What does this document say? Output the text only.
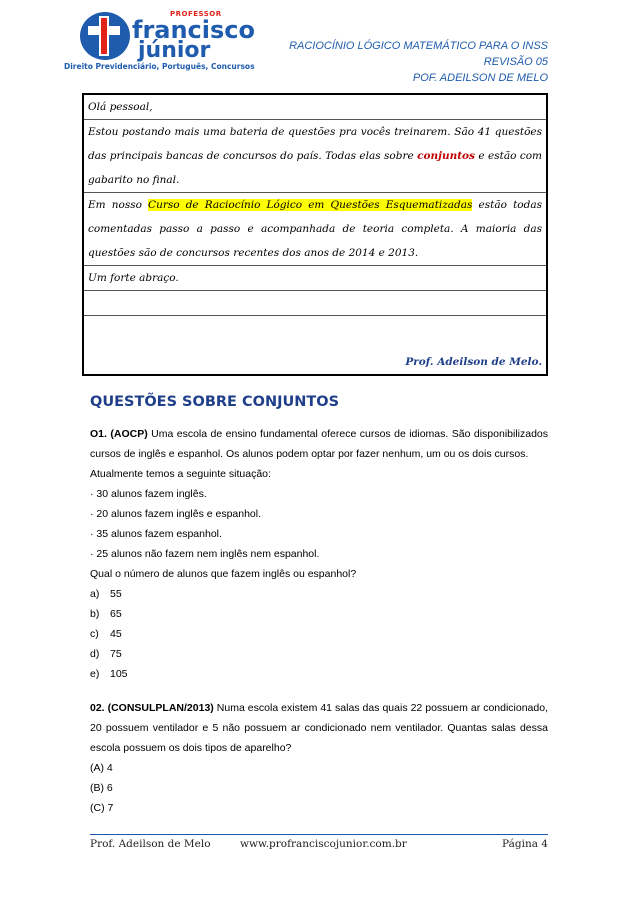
PROFESSOR
francisco
júnior
Direito Previdenciário, Português, Concursos
RACIOCÍNIO LÓGICO MATEMÁTICO PARA O INSS
REVISÃO 05
POF. ADEILSON DE MELO

Olá pessoal,

Estou postando mais uma bateria de questões pra vocês treinarem. São 41 questões das principais bancas de concursos do país. Todas elas sobre conjuntos e estão com gabarito no final.

Em nosso Curso de Raciocínio Lógico em Questões Esquematizadas estão todas comentadas passo a passo e acompanhada de teoria completa. A maioria das questões são de concursos recentes dos anos de 2014 e 2013.

Um forte abraço.

Prof. Adeilson de Melo.
QUESTÕES SOBRE CONJUNTOS

O1. (AOCP) Uma escola de ensino fundamental oferece cursos de idiomas. São disponibilizados cursos de inglês e espanhol. Os alunos podem optar por fazer nenhum, um ou os dois cursos.

Atualmente temos a seguinte situação:

· 30 alunos fazem inglês.

· 20 alunos fazem inglês e espanhol.

· 35 alunos fazem espanhol.

· 25 alunos não fazem nem inglês nem espanhol.

Qual o número de alunos que fazem inglês ou espanhol?

a)	55
b)	65
c)	45
d)	75
e)	105

02. (CONSULPLAN/2013) Numa escola existem 41 salas das quais 22 possuem ar condicionado, 20 possuem ventilador e 5 não possuem ar condicionado nem ventilador. Quantas salas dessa escola possuem os dois tipos de aparelho?

(A) 4

(B) 6

(C) 7

Prof. Adeilson de Melo	www.profranciscojunior.com.br	Página 4
